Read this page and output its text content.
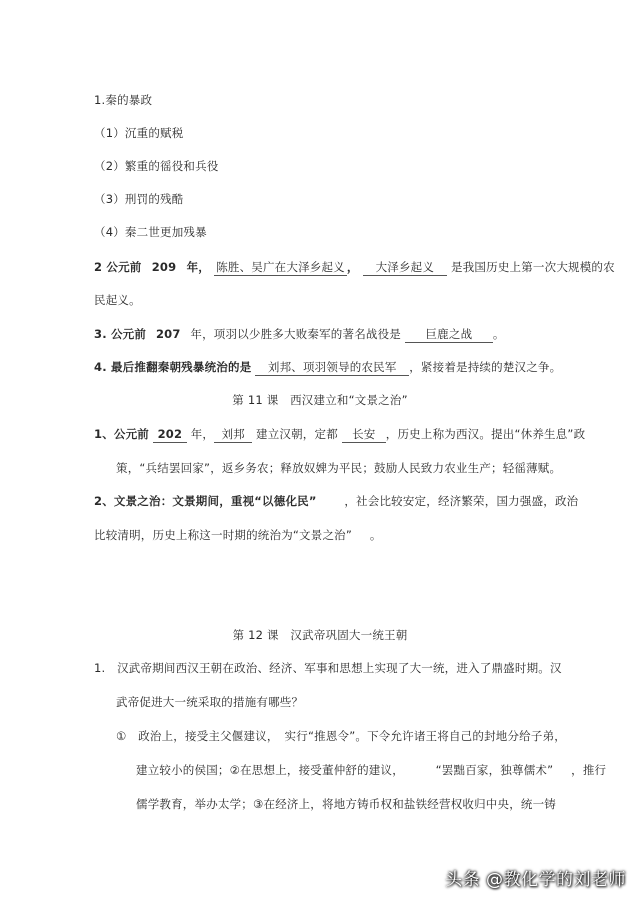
1.秦的暴政
（1）沉重的赋税
（2）繁重的徭役和兵役
（3）刑罚的残酷
（4）秦二世更加残暴
2 公元前 209 年， 陈胜、吴广在大泽乡起义 ， 大泽乡起义 是我国历史上第一次大规模的农
民起义。
3. 公元前 207 年，项羽以少胜多大败秦军的著名战役是 巨鹿之战 。
4. 最后推翻秦朝残暴统治的是 刘邦、项羽领导的农民军 ，紧接着是持续的楚汉之争。
第 11 课　西汉建立和“文景之治”
1、公元前 202 年， 刘邦 建立汉朝，定都 长安 ，历史上称为西汉。提出“休养生息”政
策，“兵结罢回家”，返乡务农；释放奴婢为平民；鼓励人民致力农业生产；轻徭薄赋。
2、文景之治：文景期间，重视“以德化民” ，社会比较安定，经济繁荣，国力强盛，政治
比较清明，历史上称这一时期的统治为“文景之治” 。
第 12 课　汉武帝巩固大一统王朝
1.　汉武帝期间西汉王朝在政治、经济、军事和思想上实现了大一统，进入了鼎盛时期。汉
武帝促进大一统采取的措施有哪些？
①　政治上，接受主父偃建议，　实行“推恩令”。下令允许诸王将自己的封地分给子弟，
建立较小的侯国；②在思想上，接受董仲舒的建议，	“罢黜百家，独尊儒术” ，推行
儒学教育，举办太学；③在经济上，将地方铸币权和盐铁经营权收归中央，统一铸
头条 @教化学的刘老师
